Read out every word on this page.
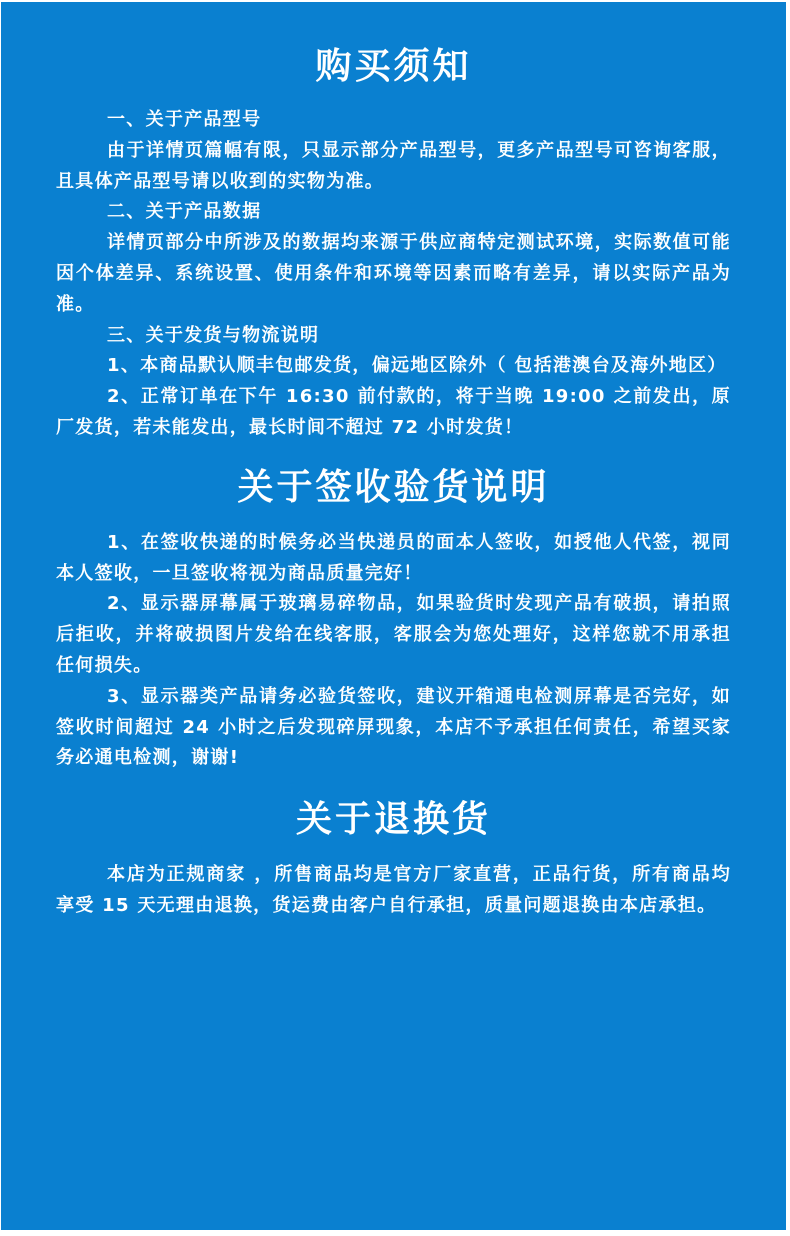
购买须知

一、关于产品型号

由于详情页篇幅有限，只显示部分产品型号，更多产品型号可咨询客服，且具体产品型号请以收到的实物为准。

二、关于产品数据

详情页部分中所涉及的数据均来源于供应商特定测试环境，实际数值可能因个体差异、系统设置、使用条件和环境等因素而略有差异，请以实际产品为准。

三、关于发货与物流说明

1、本商品默认顺丰包邮发货，偏远地区除外（ 包括港澳台及海外地区）

2、正常订单在下午 16:30 前付款的，将于当晚 19:00 之前发出，原厂发货，若未能发出，最长时间不超过 72 小时发货！

关于签收验货说明

1、在签收快递的时候务必当快递员的面本人签收，如授他人代签，视同本人签收，一旦签收将视为商品质量完好！

2、显示器屏幕属于玻璃易碎物品，如果验货时发现产品有破损，请拍照后拒收，并将破损图片发给在线客服，客服会为您处理好，这样您就不用承担任何损失。

3、显示器类产品请务必验货签收，建议开箱通电检测屏幕是否完好，如签收时间超过 24 小时之后发现碎屏现象，本店不予承担任何责任，希望买家务必通电检测，谢谢!

关于退换货

本店为正规商家 ，所售商品均是官方厂家直营，正品行货，所有商品均享受 15 天无理由退换，货运费由客户自行承担，质量问题退换由本店承担。
